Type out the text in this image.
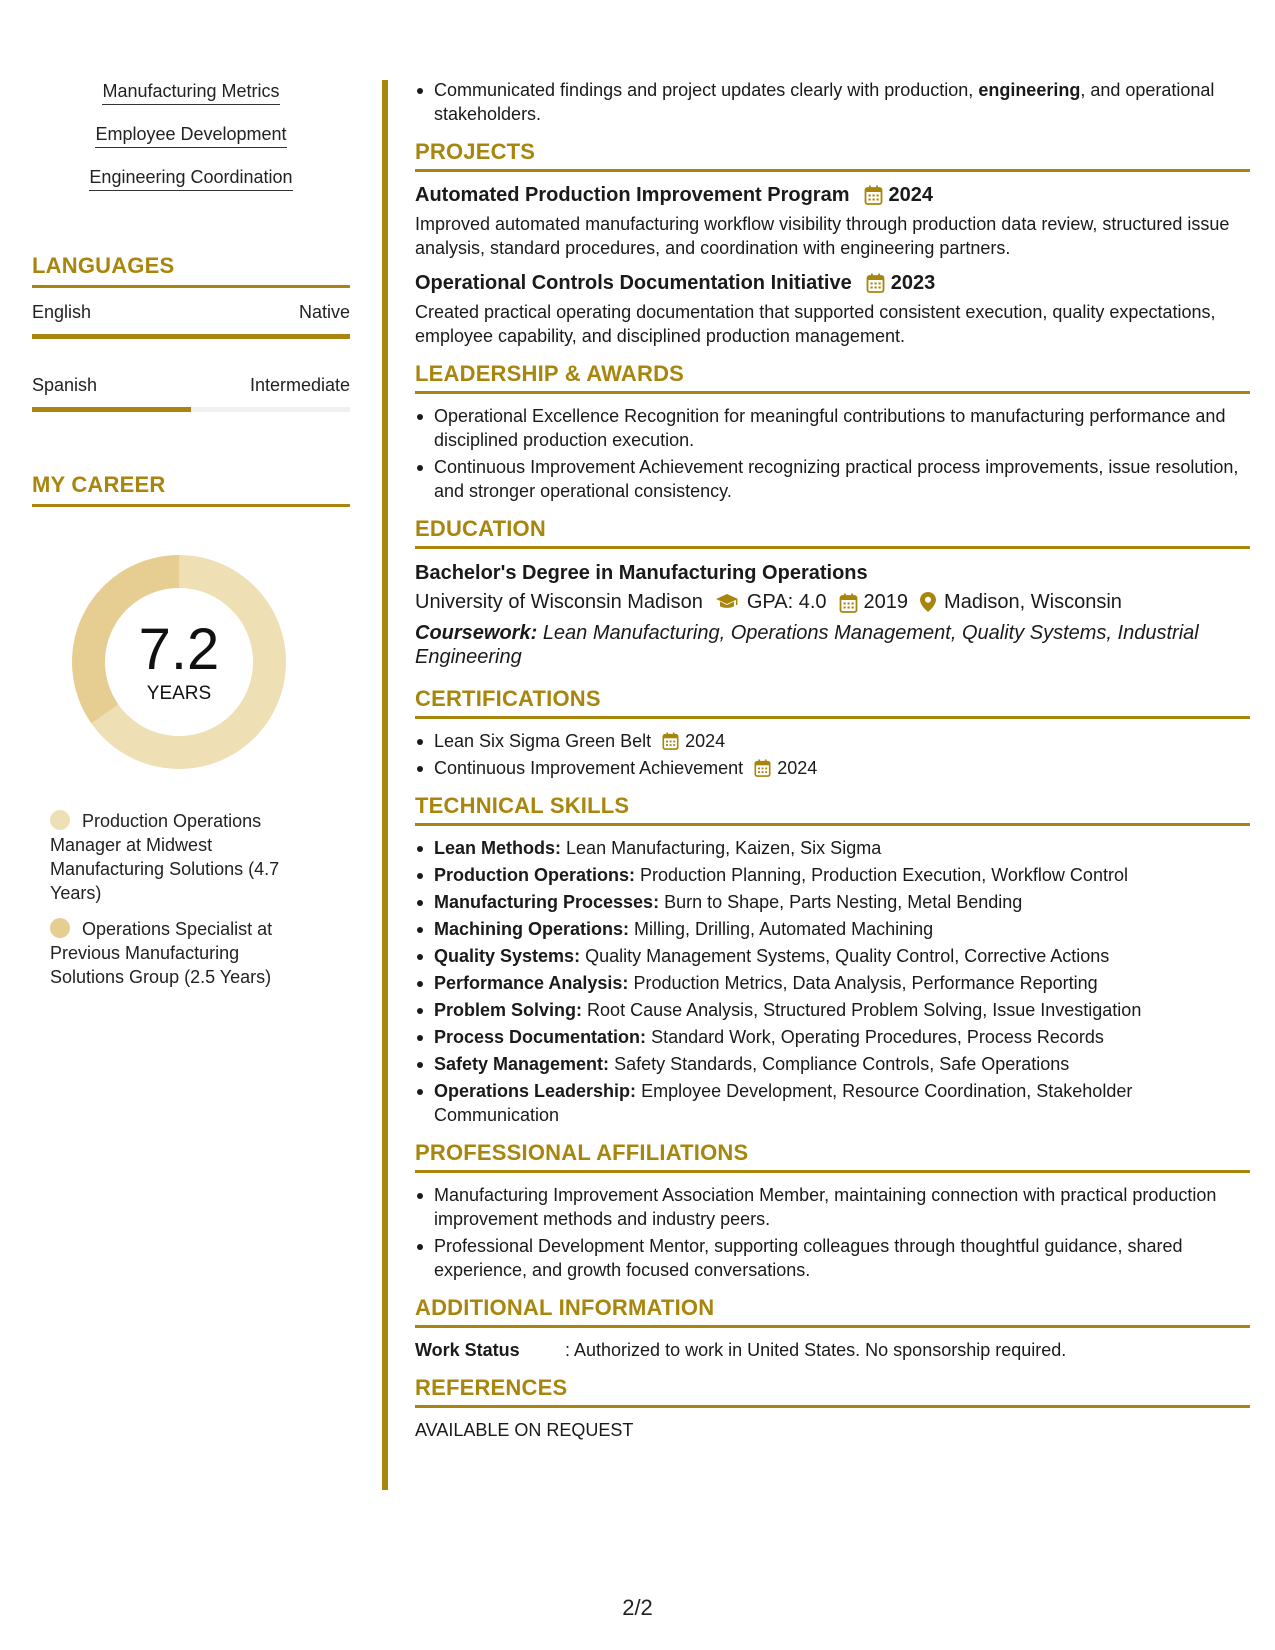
Manufacturing Metrics
Employee Development
Engineering Coordination
LANGUAGES
English	Native
Spanish	Intermediate
MY CAREER
7.2
YEARS
Production Operations Manager at Midwest Manufacturing Solutions (4.7 Years)
Operations Specialist at Previous Manufacturing Solutions Group (2.5 Years)
Communicated findings and project updates clearly with production, engineering, and operational stakeholders.
PROJECTS
Automated Production Improvement Program 2024
Improved automated manufacturing workflow visibility through production data review, structured issue analysis, standard procedures, and coordination with engineering partners.
Operational Controls Documentation Initiative 2023
Created practical operating documentation that supported consistent execution, quality expectations, employee capability, and disciplined production management.
LEADERSHIP & AWARDS
Operational Excellence Recognition for meaningful contributions to manufacturing performance and disciplined production execution.
Continuous Improvement Achievement recognizing practical process improvements, issue resolution, and stronger operational consistency.
EDUCATION
Bachelor's Degree in Manufacturing Operations
University of Wisconsin Madison GPA: 4.0 2019 Madison, Wisconsin
Coursework: Lean Manufacturing, Operations Management, Quality Systems, Industrial Engineering
CERTIFICATIONS
Lean Six Sigma Green Belt 2024
Continuous Improvement Achievement 2024
TECHNICAL SKILLS
Lean Methods: Lean Manufacturing, Kaizen, Six Sigma
Production Operations: Production Planning, Production Execution, Workflow Control
Manufacturing Processes: Burn to Shape, Parts Nesting, Metal Bending
Machining Operations: Milling, Drilling, Automated Machining
Quality Systems: Quality Management Systems, Quality Control, Corrective Actions
Performance Analysis: Production Metrics, Data Analysis, Performance Reporting
Problem Solving: Root Cause Analysis, Structured Problem Solving, Issue Investigation
Process Documentation: Standard Work, Operating Procedures, Process Records
Safety Management: Safety Standards, Compliance Controls, Safe Operations
Operations Leadership: Employee Development, Resource Coordination, Stakeholder Communication
PROFESSIONAL AFFILIATIONS
Manufacturing Improvement Association Member, maintaining connection with practical production improvement methods and industry peers.
Professional Development Mentor, supporting colleagues through thoughtful guidance, shared experience, and growth focused conversations.
ADDITIONAL INFORMATION
Work Status	: Authorized to work in United States. No sponsorship required.
REFERENCES
AVAILABLE ON REQUEST
2/2
